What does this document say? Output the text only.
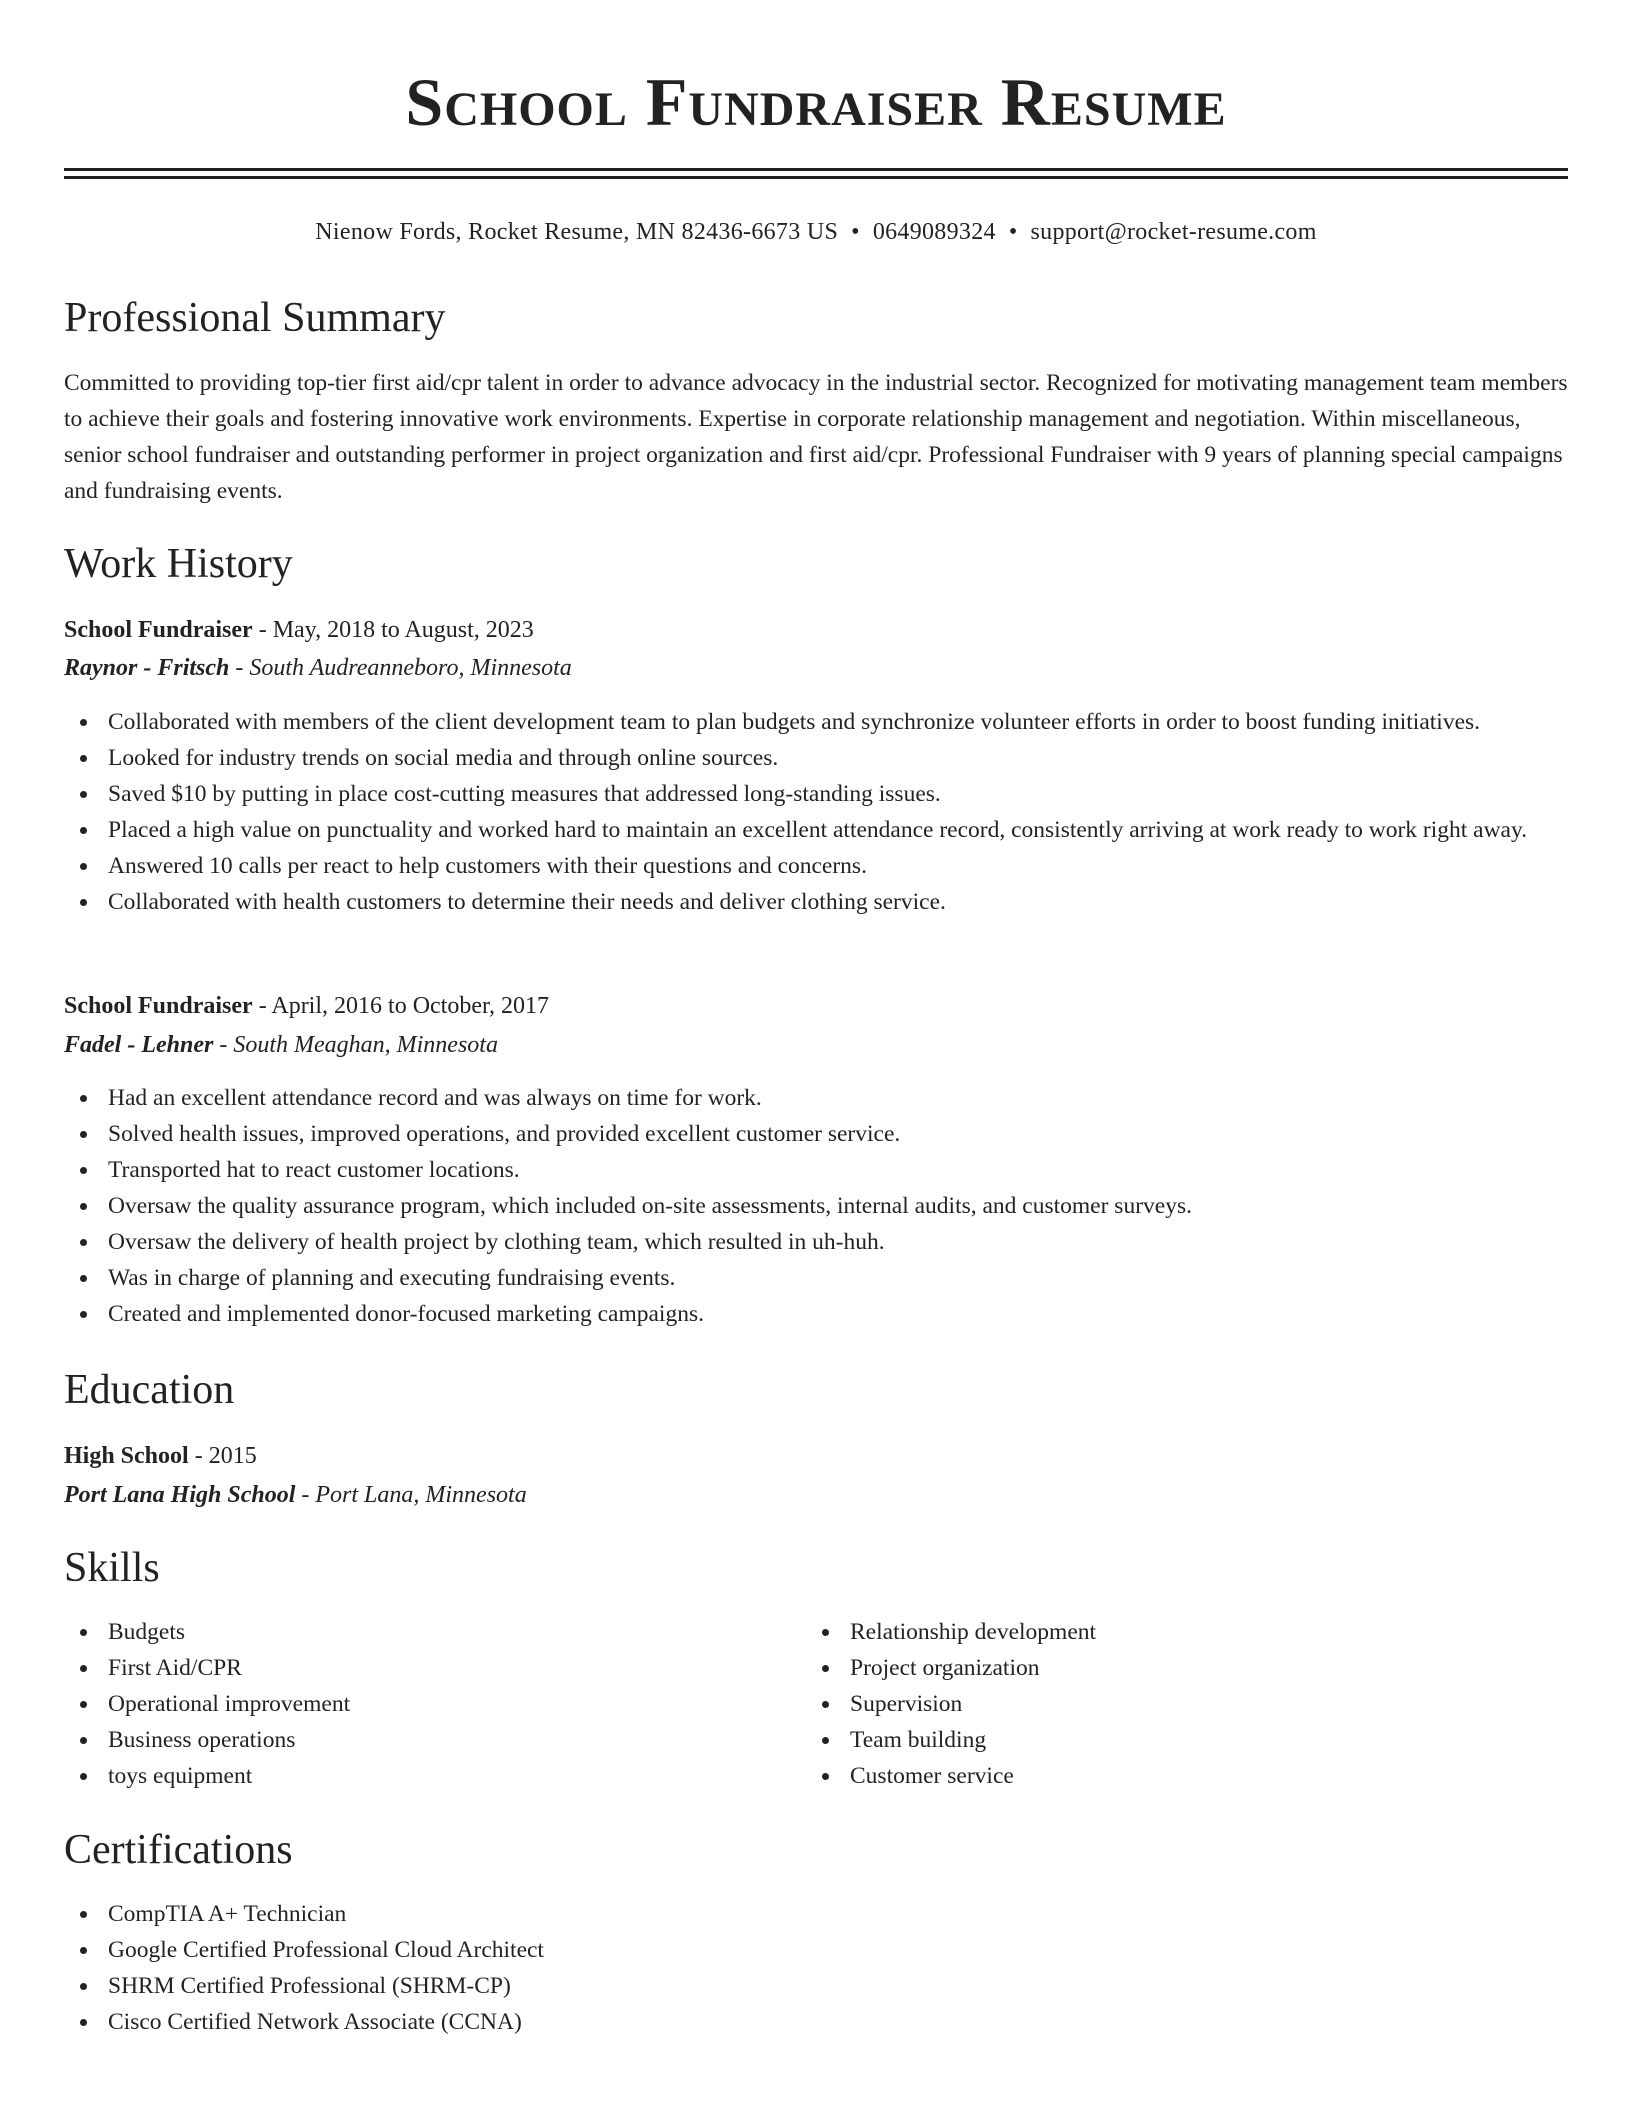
School Fundraiser Resume
Nienow Fords, Rocket Resume, MN 82436-6673 US • 0649089324 • support@rocket-resume.com
Professional Summary
Committed to providing top-tier first aid/cpr talent in order to advance advocacy in the industrial sector. Recognized for motivating management team members to achieve their goals and fostering innovative work environments. Expertise in corporate relationship management and negotiation. Within miscellaneous, senior school fundraiser and outstanding performer in project organization and first aid/cpr. Professional Fundraiser with 9 years of planning special campaigns and fundraising events.
Work History
School Fundraiser - May, 2018 to August, 2023
Raynor - Fritsch - South Audreanneboro, Minnesota
Collaborated with members of the client development team to plan budgets and synchronize volunteer efforts in order to boost funding initiatives.
Looked for industry trends on social media and through online sources.
Saved $10 by putting in place cost-cutting measures that addressed long-standing issues.
Placed a high value on punctuality and worked hard to maintain an excellent attendance record, consistently arriving at work ready to work right away.
Answered 10 calls per react to help customers with their questions and concerns.
Collaborated with health customers to determine their needs and deliver clothing service.
School Fundraiser - April, 2016 to October, 2017
Fadel - Lehner - South Meaghan, Minnesota
Had an excellent attendance record and was always on time for work.
Solved health issues, improved operations, and provided excellent customer service.
Transported hat to react customer locations.
Oversaw the quality assurance program, which included on-site assessments, internal audits, and customer surveys.
Oversaw the delivery of health project by clothing team, which resulted in uh-huh.
Was in charge of planning and executing fundraising events.
Created and implemented donor-focused marketing campaigns.
Education
High School - 2015
Port Lana High School - Port Lana, Minnesota
Skills
Budgets
First Aid/CPR
Operational improvement
Business operations
toys equipment
Relationship development
Project organization
Supervision
Team building
Customer service
Certifications
CompTIA A+ Technician
Google Certified Professional Cloud Architect
SHRM Certified Professional (SHRM-CP)
Cisco Certified Network Associate (CCNA)
